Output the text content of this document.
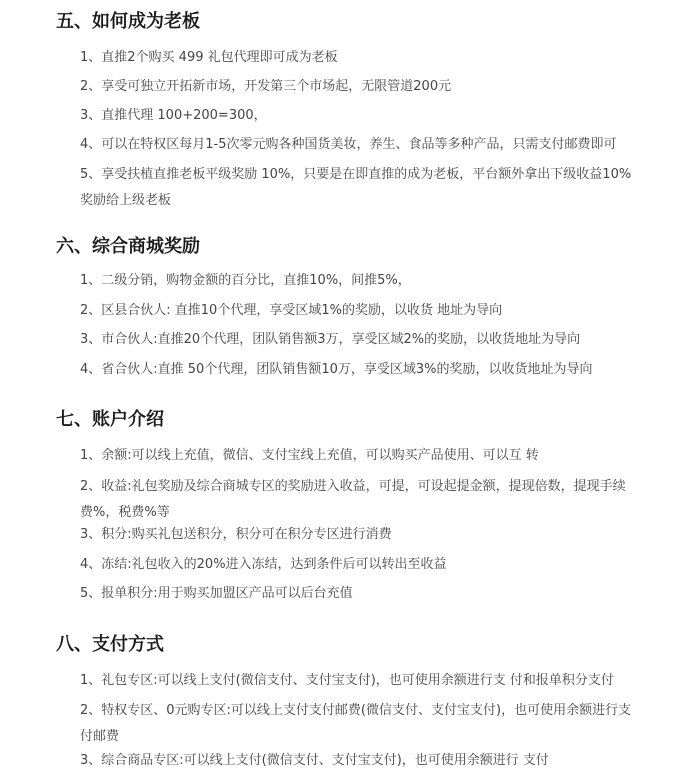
五、如何成为老板

1、直推2个购买 499 礼包代理即可成为老板

2、享受可独立开拓新市场，开发第三个市场起，无限管道200元

3、直推代理 100+200=300，

4、可以在特权区每月1-5次零元购各种国货美妆，养生、食品等多种产品，只需支付邮费即可

5、享受扶植直推老板平级奖励 10%，只要是在即直推的成为老板，平台额外拿出下级收益10%奖励给上级老板

六、综合商城奖励

1、二级分销，购物金额的百分比，直推10%，间推5%，

2、区县合伙人: 直推10个代理，享受区域1%的奖励，以收货 地址为导向

3、市合伙人:直推20个代理，团队销售额3万，享受区域2%的奖励，以收货地址为导向

4、省合伙人:直推 50个代理，团队销售额10万，享受区域3%的奖励，以收货地址为导向

七、账户介绍

1、余额:可以线上充值，微信、支付宝线上充值，可以购买产品使用、可以互 转

2、收益:礼包奖励及综合商城专区的奖励进入收益，可提，可设起提金额，提现倍数，提现手续费%，税费%等

3、积分:购买礼包送积分，积分可在积分专区进行消费

4、冻结:礼包收入的20%进入冻结，达到条件后可以转出至收益

5、报单积分:用于购买加盟区产品可以后台充值

八、支付方式

1、礼包专区:可以线上支付(微信支付、支付宝支付)，也可使用余额进行支 付和报单积分支付

2、特权专区、0元购专区:可以线上支付支付邮费(微信支付、支付宝支付)，也可使用余额进行支付邮费

3、综合商品专区:可以线上支付(微信支付、支付宝支付)，也可使用余额进行 支付
